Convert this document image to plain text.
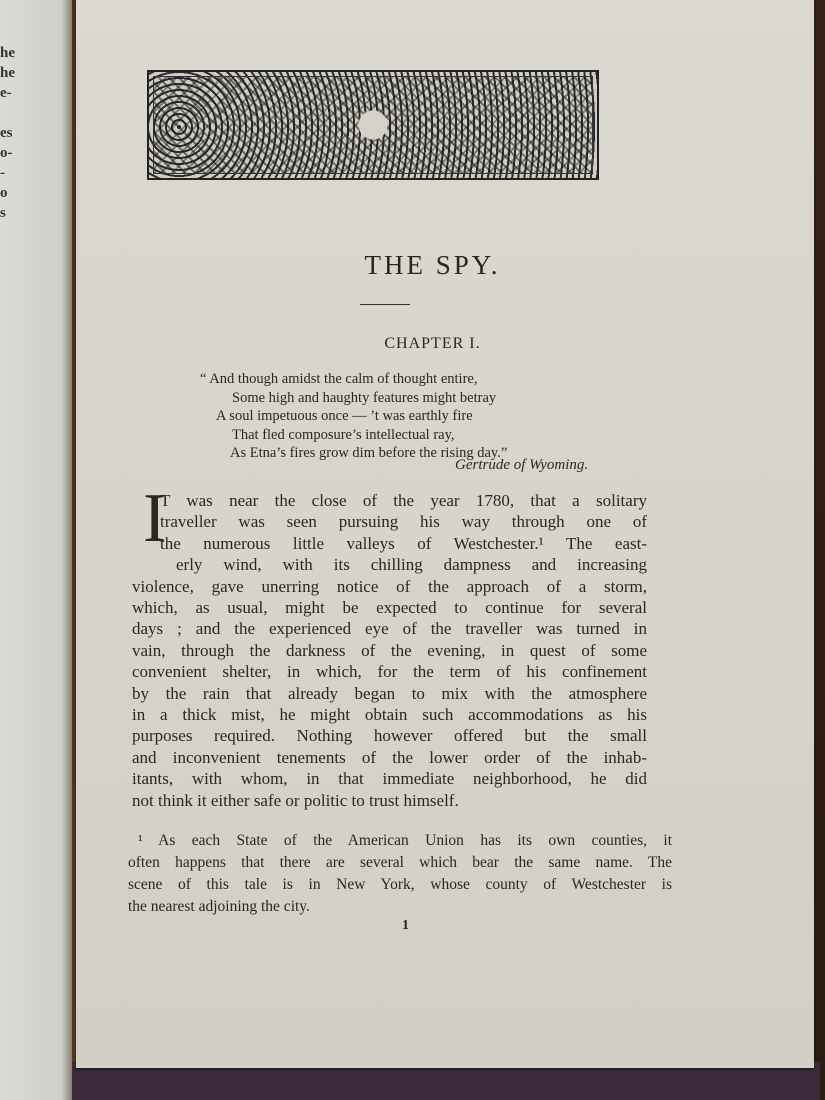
he
he
e-
es
o-
-
o
s
THE SPY.
CHAPTER I.
“ And though amidst the calm of thought entire,
Some high and haughty features might betray
A soul impetuous once — ’t was earthly fire
That fled composure’s intellectual ray,
As Etna’s fires grow dim before the rising day.”
Gertrude of Wyoming.
I
T was near the close of the year 1780, that a solitary
traveller was seen pursuing his way through one of
the numerous little valleys of Westchester.¹ The east-
erly wind, with its chilling dampness and increasing
violence, gave unerring notice of the approach of a storm,
which, as usual, might be expected to continue for several
days ; and the experienced eye of the traveller was turned in
vain, through the darkness of the evening, in quest of some
convenient shelter, in which, for the term of his confinement
by the rain that already began to mix with the atmosphere
in a thick mist, he might obtain such accommodations as his
purposes required. Nothing however offered but the small
and inconvenient tenements of the lower order of the inhab-
itants, with whom, in that immediate neighborhood, he did
not think it either safe or politic to trust himself.
¹ As each State of the American Union has its own counties, it
often happens that there are several which bear the same name. The
scene of this tale is in New York, whose county of Westchester is
the nearest adjoining the city.
1
